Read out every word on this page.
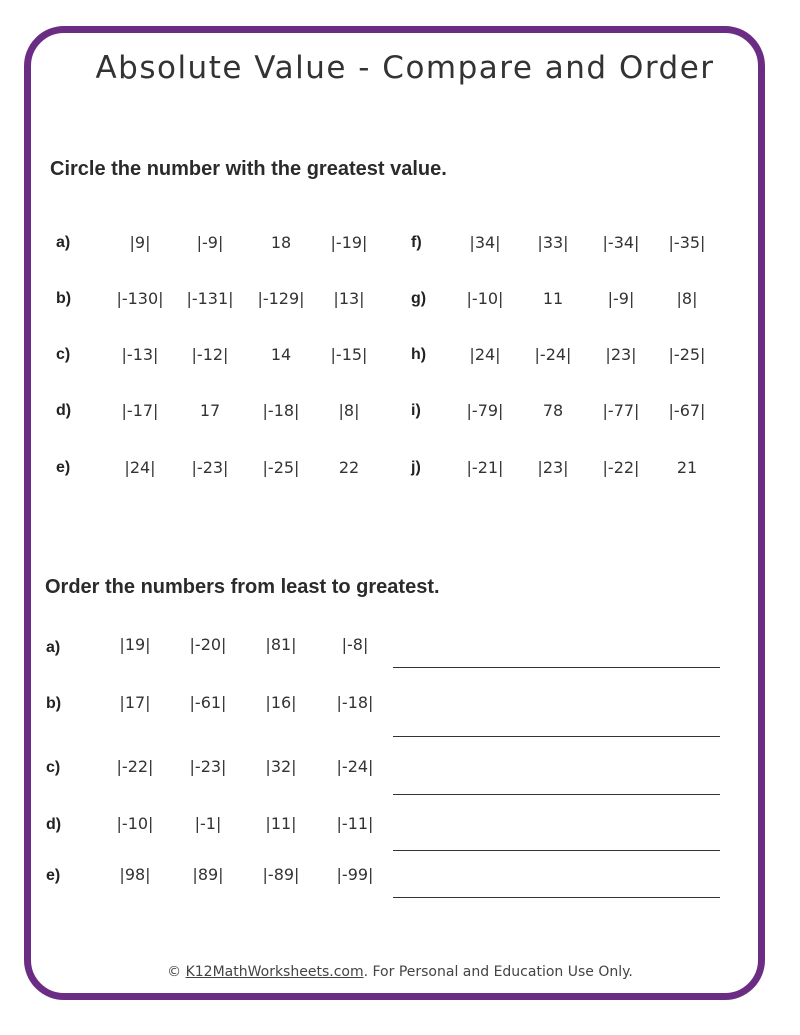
Absolute Value - Compare and Order
Circle the number with the greatest value.
a)	|9|	|-9|	18	|-19|
b)	|-130|	|-131|	|-129|	|13|
c)	|-13|	|-12|	14	|-15|
d)	|-17|	17	|-18|	|8|
e)	|24|	|-23|	|-25|	22
f)	|34|	|33|	|-34|	|-35|
g)	|-10|	11	|-9|	|8|
h)	|24|	|-24|	|23|	|-25|
i)	|-79|	78	|-77|	|-67|
j)	|-21|	|23|	|-22|	21
Order the numbers from least to greatest.
a)	|19|	|-20|	|81|	|-8|
b)	|17|	|-61|	|16|	|-18|
c)	|-22|	|-23|	|32|	|-24|
d)	|-10|	|-1|	|11|	|-11|
e)	|98|	|89|	|-89|	|-99|
© K12MathWorksheets.com. For Personal and Education Use Only.
